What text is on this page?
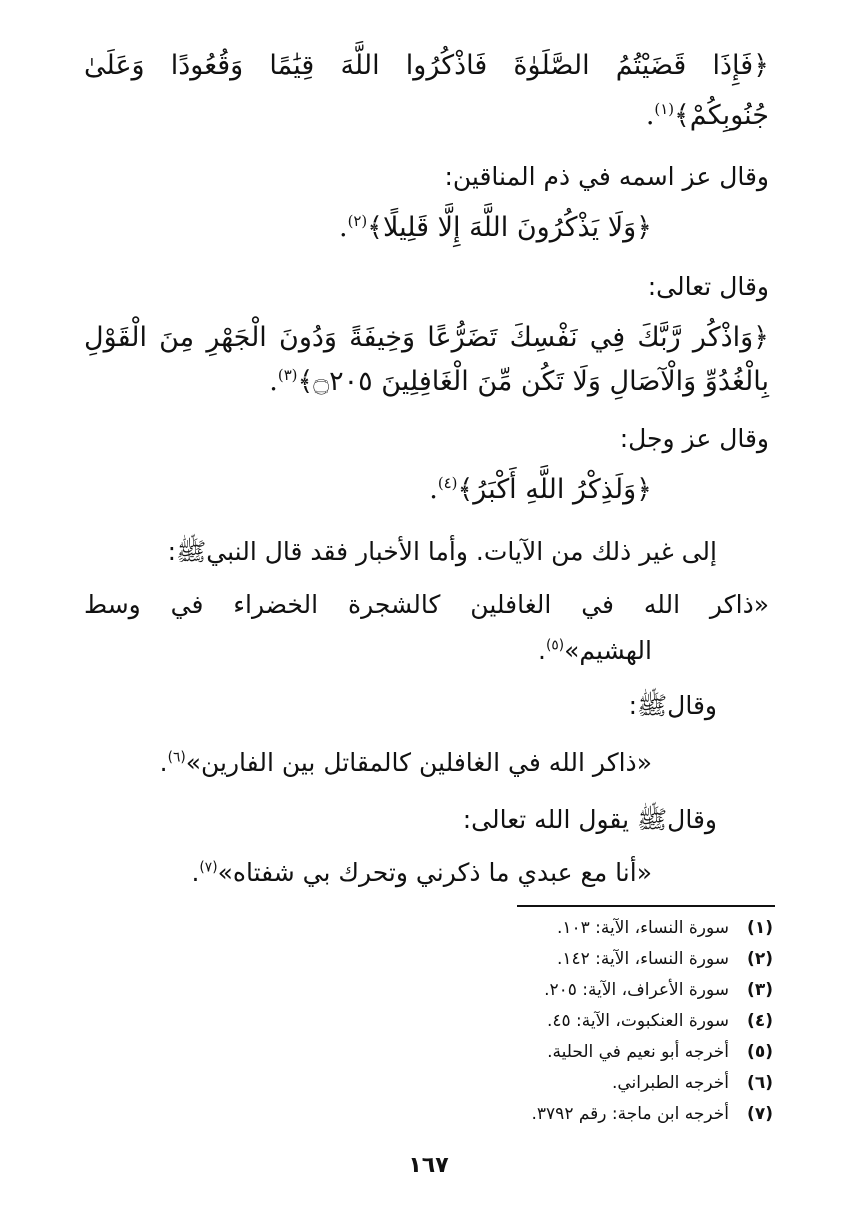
﴿فَإِذَا قَضَيْتُمُ الصَّلَوٰةَ فَاذْكُرُوا اللَّهَ قِيَٰمًا وَقُعُودًا وَعَلَىٰ
جُنُوبِكُمْ﴾$^{(١)}$.
وقال عز اسمه في ذم المناقين:
﴿وَلَا يَذْكُرُونَ اللَّهَ إِلَّا قَلِيلًا﴾$^{(٢)}$.
وقال تعالى:
﴿وَاذْكُر رَّبَّكَ فِي نَفْسِكَ تَضَرُّعًا وَخِيفَةً وَدُونَ الْجَهْرِ مِنَ الْقَوْلِ
بِالْغُدُوِّ وَالْآصَالِ وَلَا تَكُن مِّنَ الْغَافِلِينَ ۝٢٠٥﴾$^{(٣)}$.
وقال عز وجل:
﴿وَلَذِكْرُ اللَّهِ أَكْبَرُ﴾$^{(٤)}$.
إلى غير ذلك من الآيات. وأما الأخبار فقد قال النبيﷺ:
«ذاكر الله في الغافلين كالشجرة الخضراء في وسط
الهشيم»$^{(٥)}$.
وقالﷺ:
«ذاكر الله في الغافلين كالمقاتل بين الفارين»$^{(٦)}$.
وقالﷺ يقول الله تعالى:
«أنا مع عبدي ما ذكرني وتحرك بي شفتاه»$^{(٧)}$.
(١)سورة النساء، الآية: ١٠٣.
(٢)سورة النساء، الآية: ١٤٢.
(٣)سورة الأعراف، الآية: ٢٠٥.
(٤)سورة العنكبوت، الآية: ٤٥.
(٥)أخرجه أبو نعيم في الحلية.
(٦)أخرجه الطبراني.
(٧)أخرجه ابن ماجة: رقم ٣٧٩٢.
١٦٧
